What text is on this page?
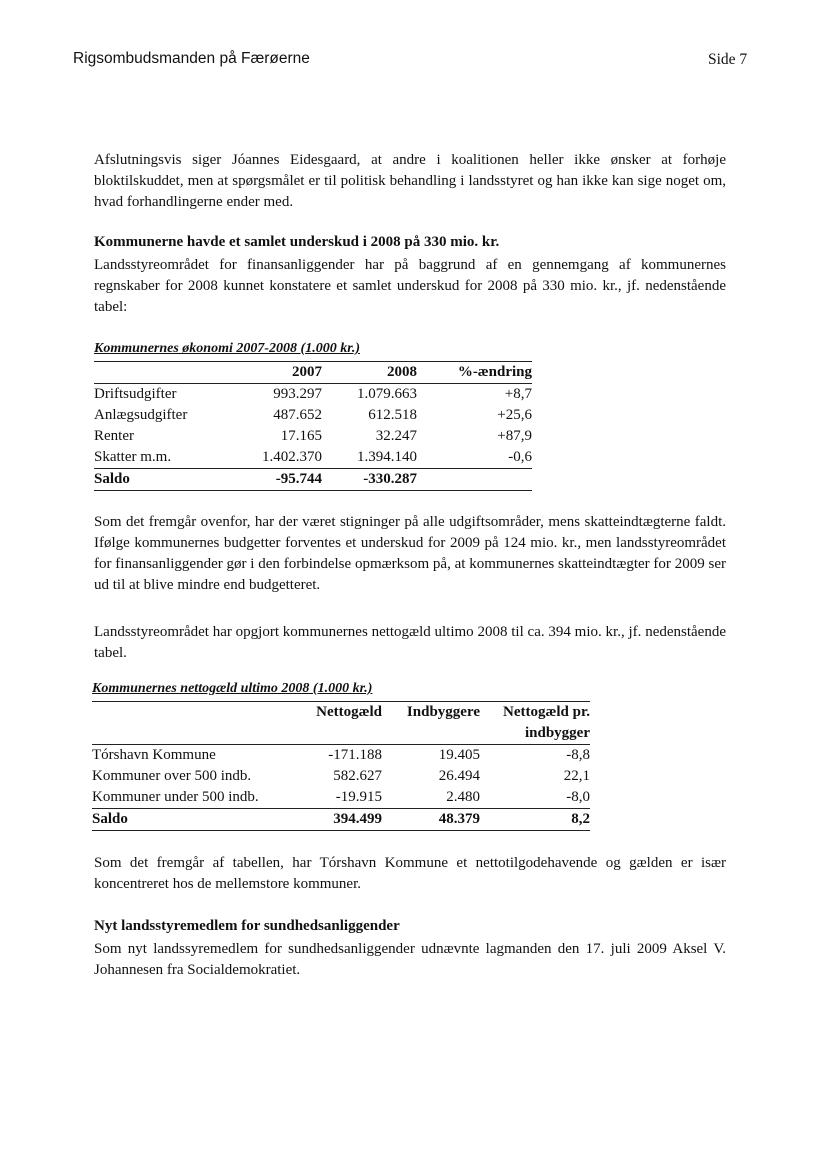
Rigsombudsmanden på Færøerne	Side 7
Afslutningsvis siger Jóannes Eidesgaard, at andre i koalitionen heller ikke ønsker at forhøje bloktilskuddet, men at spørgsmålet er til politisk behandling i landsstyret og han ikke kan sige noget om, hvad forhandlingerne ender med.
Kommunerne havde et samlet underskud i 2008 på 330 mio. kr.
Landsstyreområdet for finansanliggender har på baggrund af en gennemgang af kommunernes regnskaber for 2008 kunnet konstatere et samlet underskud for 2008 på 330 mio. kr., jf. nedenstående tabel:
Kommunernes økonomi 2007-2008 (1.000 kr.)
	2007	2008	%-ændring
Driftsudgifter	993.297	1.079.663	+8,7
Anlægsudgifter	487.652	612.518	+25,6
Renter	17.165	32.247	+87,9
Skatter m.m.	1.402.370	1.394.140	-0,6
Saldo	-95.744	-330.287	
Som det fremgår ovenfor, har der været stigninger på alle udgiftsområder, mens skatteindtægterne faldt. Ifølge kommunernes budgetter forventes et underskud for 2009 på 124 mio. kr., men landsstyreområdet for finansanliggender gør i den forbindelse opmærksom på, at kommunernes skatteindtægter for 2009 ser ud til at blive mindre end budgetteret.
Landsstyreområdet har opgjort kommunernes nettogæld ultimo 2008 til ca. 394 mio. kr., jf. nedenstående tabel.
Kommunernes nettogæld ultimo 2008 (1.000 kr.)
	Nettogæld	Indbyggere	Nettogæld pr.
			indbygger
Tórshavn Kommune	-171.188	19.405	-8,8
Kommuner over 500 indb.	582.627	26.494	22,1
Kommuner under 500 indb.	-19.915	2.480	-8,0
Saldo	394.499	48.379	8,2
Som det fremgår af tabellen, har Tórshavn Kommune et nettotilgodehavende og gælden er især koncentreret hos de mellemstore kommuner.
Nyt landsstyremedlem for sundhedsanliggender
Som nyt landssyremedlem for sundhedsanliggender udnævnte lagmanden den 17. juli 2009 Aksel V. Johannesen fra Socialdemokratiet.
